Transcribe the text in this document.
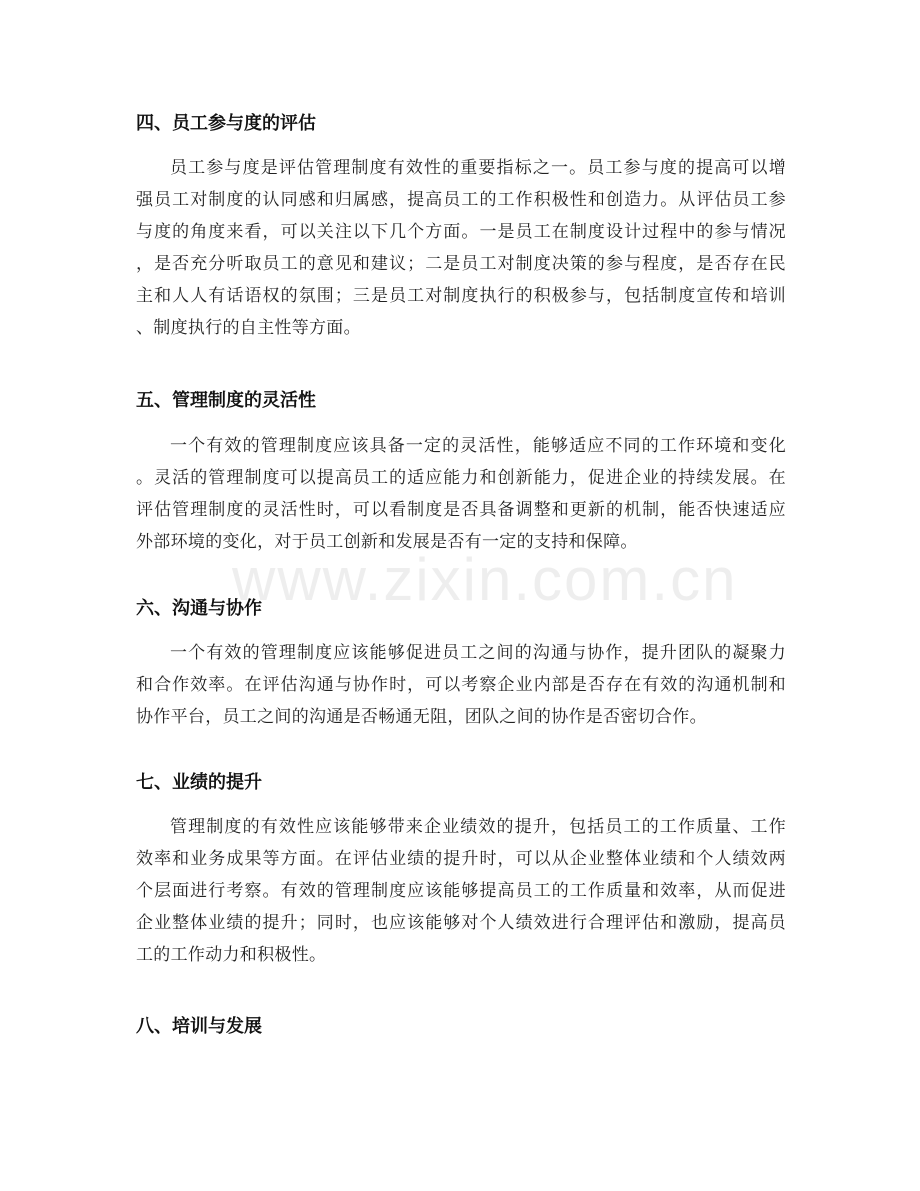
四、员工参与度的评估
员工参与度是评估管理制度有效性的重要指标之一。员工参与度的提高可以增
强员工对制度的认同感和归属感，提高员工的工作积极性和创造力。从评估员工参
与度的角度来看，可以关注以下几个方面。一是员工在制度设计过程中的参与情况
，是否充分听取员工的意见和建议；二是员工对制度决策的参与程度，是否存在民
主和人人有话语权的氛围；三是员工对制度执行的积极参与，包括制度宣传和培训
、制度执行的自主性等方面。
五、管理制度的灵活性
一个有效的管理制度应该具备一定的灵活性，能够适应不同的工作环境和变化
。灵活的管理制度可以提高员工的适应能力和创新能力，促进企业的持续发展。在
评估管理制度的灵活性时，可以看制度是否具备调整和更新的机制，能否快速适应
外部环境的变化，对于员工创新和发展是否有一定的支持和保障。
六、沟通与协作
一个有效的管理制度应该能够促进员工之间的沟通与协作，提升团队的凝聚力
和合作效率。在评估沟通与协作时，可以考察企业内部是否存在有效的沟通机制和
协作平台，员工之间的沟通是否畅通无阻，团队之间的协作是否密切合作。
七、业绩的提升
管理制度的有效性应该能够带来企业绩效的提升，包括员工的工作质量、工作
效率和业务成果等方面。在评估业绩的提升时，可以从企业整体业绩和个人绩效两
个层面进行考察。有效的管理制度应该能够提高员工的工作质量和效率，从而促进
企业整体业绩的提升；同时，也应该能够对个人绩效进行合理评估和激励，提高员
工的工作动力和积极性。
八、培训与发展
www.zixin.com.cn
